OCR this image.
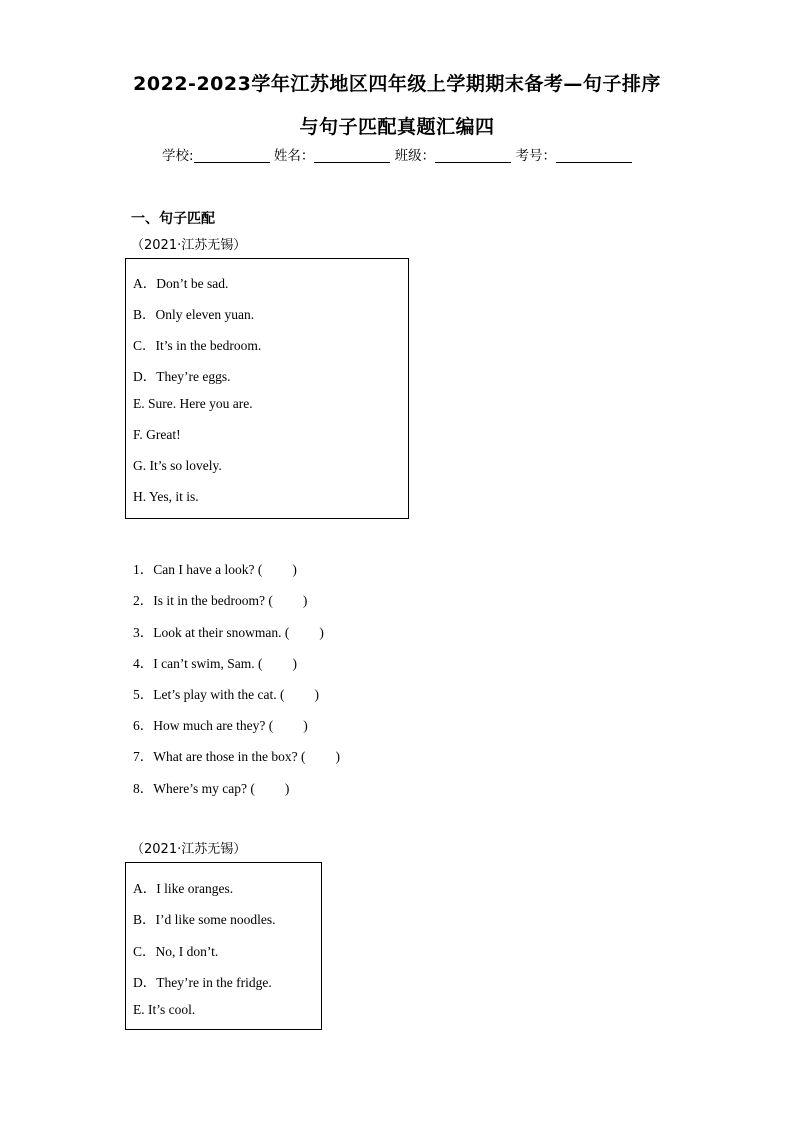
2022-2023学年江苏地区四年级上学期期末备考—句子排序
与句子匹配真题汇编四
学校:	姓名：	班级：	考号：
一、句子匹配
（2021·江苏无锡）
A．Don’t be sad.
B．Only eleven yuan.
C．It’s in the bedroom.
D．They’re eggs.
E. Sure. Here you are.
F. Great!
G. It’s so lovely.
H. Yes, it is.
1．Can I have a look? ( )
2．Is it in the bedroom? ( )
3．Look at their snowman. ( )
4．I can’t swim, Sam. ( )
5．Let’s play with the cat. ( )
6．How much are they? ( )
7．What are those in the box? ( )
8．Where’s my cap? ( )
（2021·江苏无锡）
A．I like oranges.
B．I’d like some noodles.
C．No, I don’t.
D．They’re in the fridge.
E. It’s cool.
